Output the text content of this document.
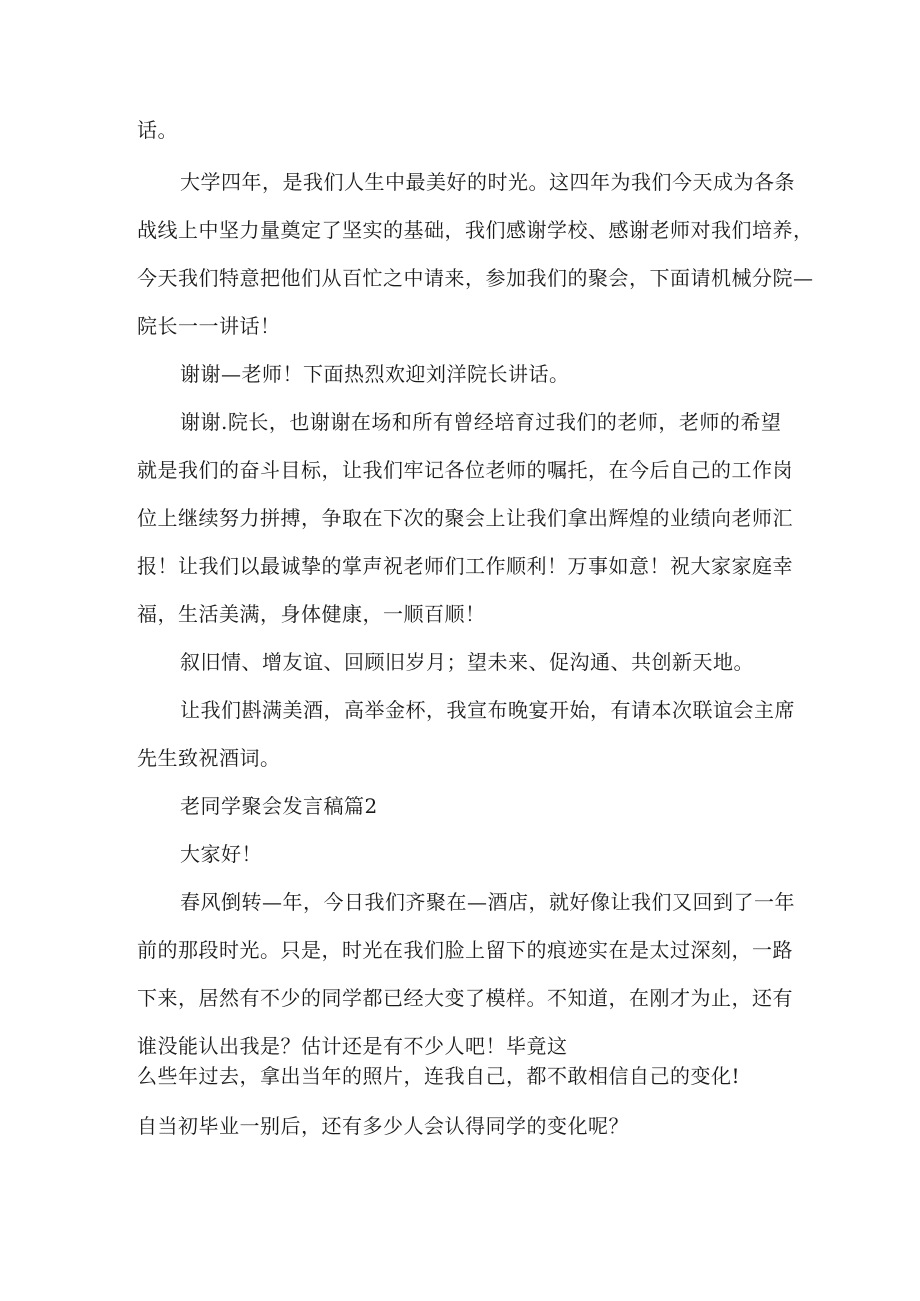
话。
大学四年，是我们人生中最美好的时光。这四年为我们今天成为各条
战线上中坚力量奠定了坚实的基础，我们感谢学校、感谢老师对我们培养，
今天我们特意把他们从百忙之中请来，参加我们的聚会，下面请机械分院—
院长一一讲话！
谢谢—老师！下面热烈欢迎刘洋院长讲话。
谢谢.院长，也谢谢在场和所有曾经培育过我们的老师，老师的希望
就是我们的奋斗目标，让我们牢记各位老师的嘱托，在今后自己的工作岗
位上继续努力拼搏，争取在下次的聚会上让我们拿出辉煌的业绩向老师汇
报！让我们以最诚挚的掌声祝老师们工作顺利！万事如意！祝大家家庭幸
福，生活美满，身体健康，一顺百顺！
叙旧情、增友谊、回顾旧岁月；望未来、促沟通、共创新天地。
让我们斟满美酒，高举金杯，我宣布晚宴开始，有请本次联谊会主席
先生致祝酒词。
老同学聚会发言稿篇2
大家好！
春风倒转—年，今日我们齐聚在—酒店，就好像让我们又回到了一年
前的那段时光。只是，时光在我们脸上留下的痕迹实在是太过深刻，一路
下来，居然有不少的同学都已经大变了模样。不知道，在刚才为止，还有
谁没能认出我是？估计还是有不少人吧！毕竟这
么些年过去，拿出当年的照片，连我自己，都不敢相信自己的变化!
自当初毕业一别后，还有多少人会认得同学的变化呢？
